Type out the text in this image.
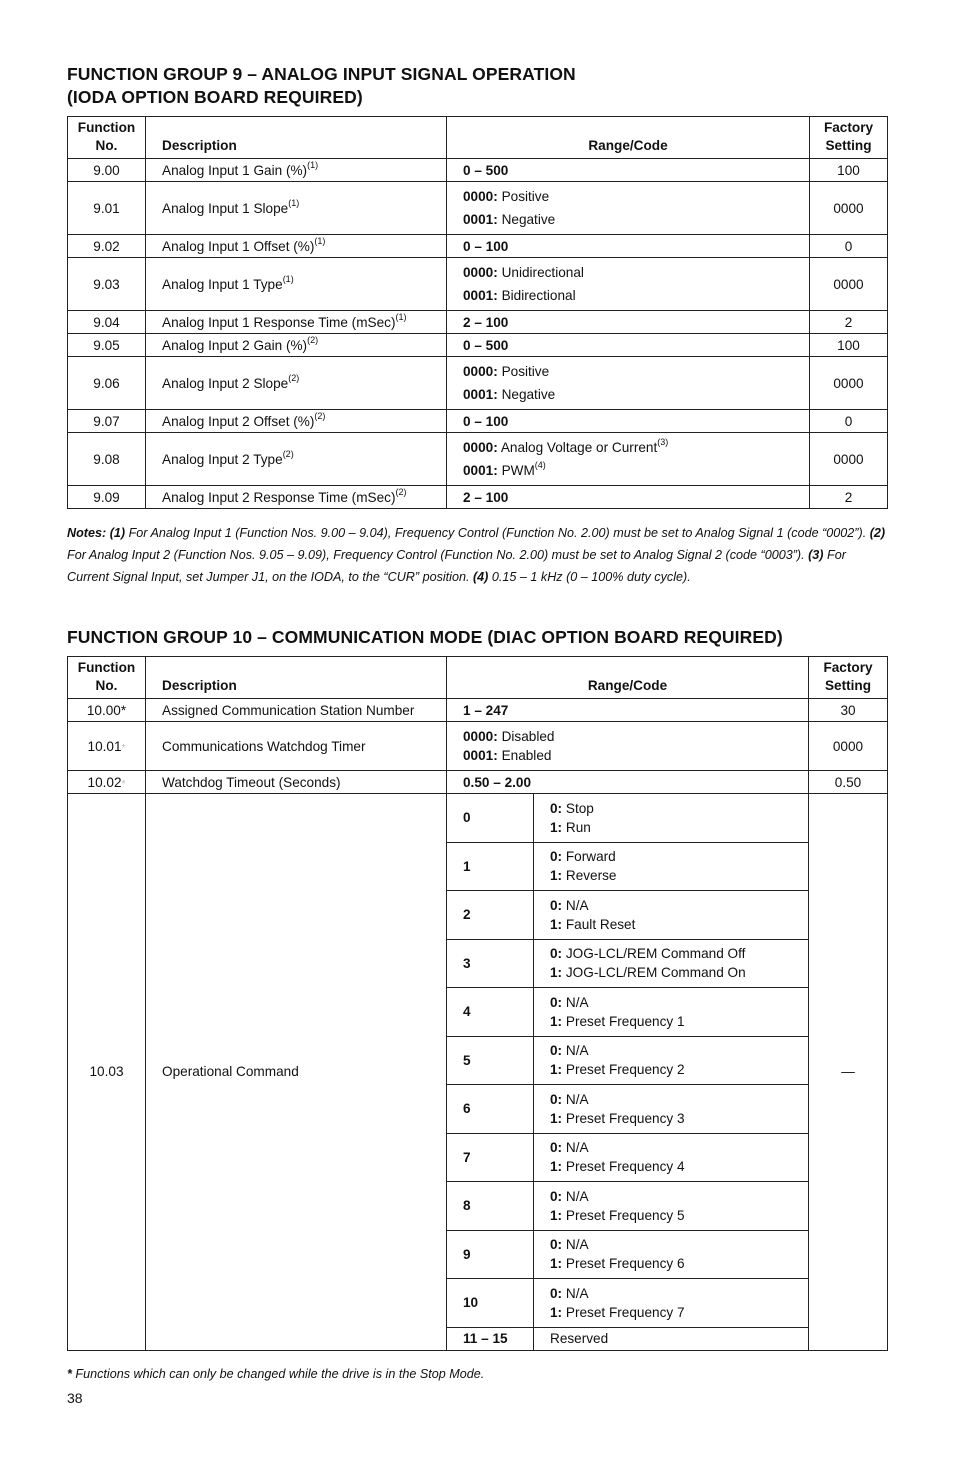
FUNCTION GROUP 9 – ANALOG INPUT SIGNAL OPERATION
(IODA OPTION BOARD REQUIRED)
Function
No.	Description	Range/Code	Factory
Setting
9.00	Analog Input 1 Gain (%)$^{(1)}$	0 – 500	100
9.01	Analog Input 1 Slope$^{(1)}$	0000: Positive
0001: Negative	0000
9.02	Analog Input 1 Offset (%)$^{(1)}$	0 – 100	0
9.03	Analog Input 1 Type$^{(1)}$	0000: Unidirectional
0001: Bidirectional	0000
9.04	Analog Input 1 Response Time (mSec)$^{(1)}$	2 – 100	2
9.05	Analog Input 2 Gain (%)$^{(2)}$	0 – 500	100
9.06	Analog Input 2 Slope$^{(2)}$	0000: Positive
0001: Negative	0000
9.07	Analog Input 2 Offset (%)$^{(2)}$	0 – 100	0
9.08	Analog Input 2 Type$^{(2)}$	0000: Analog Voltage or Current$^{(3)}$
0001: PWM$^{(4)}$	0000
9.09	Analog Input 2 Response Time (mSec)$^{(2)}$	2 – 100	2

Notes: (1) For Analog Input 1 (Function Nos. 9.00 – 9.04), Frequency Control (Function No. 2.00) must be set to Analog Signal 1 (code “0002”). (2) For Analog Input 2 (Function Nos. 9.05 – 9.09), Frequency Control (Function No. 2.00) must be set to Analog Signal 2 (code “0003”). (3) For Current Signal Input, set Jumper J1, on the IODA, to the “CUR” position. (4) 0.15 – 1 kHz (0 – 100% duty cycle).

FUNCTION GROUP 10 – COMMUNICATION MODE (DIAC OPTION BOARD REQUIRED)
Function
No.	Description	Range/Code		Factory
Setting
10.00*	Assigned Communication Station Number	1 – 247		30
10.01*	Communications Watchdog Timer	0000: Disabled
0001: Enabled		0000
10.02*	Watchdog Timeout (Seconds)	0.50 – 2.00		0.50
10.03	Operational Command	0	0: Stop
1: Run	—
		1	0: Forward
1: Reverse	

		2	0: N/A
1: Fault Reset	

		3	0: JOG-LCL/REM Command Off
1: JOG-LCL/REM Command On	

		4	0: N/A
1: Preset Frequency 1	

		5	0: N/A
1: Preset Frequency 2	

		6	0: N/A
1: Preset Frequency 3	

		7	0: N/A
1: Preset Frequency 4	

		8	0: N/A
1: Preset Frequency 5	

		9	0: N/A
1: Preset Frequency 6	

		10	0: N/A
1: Preset Frequency 7	

		11 – 15	Reserved	

* Functions which can only be changed while the drive is in the Stop Mode.

38
